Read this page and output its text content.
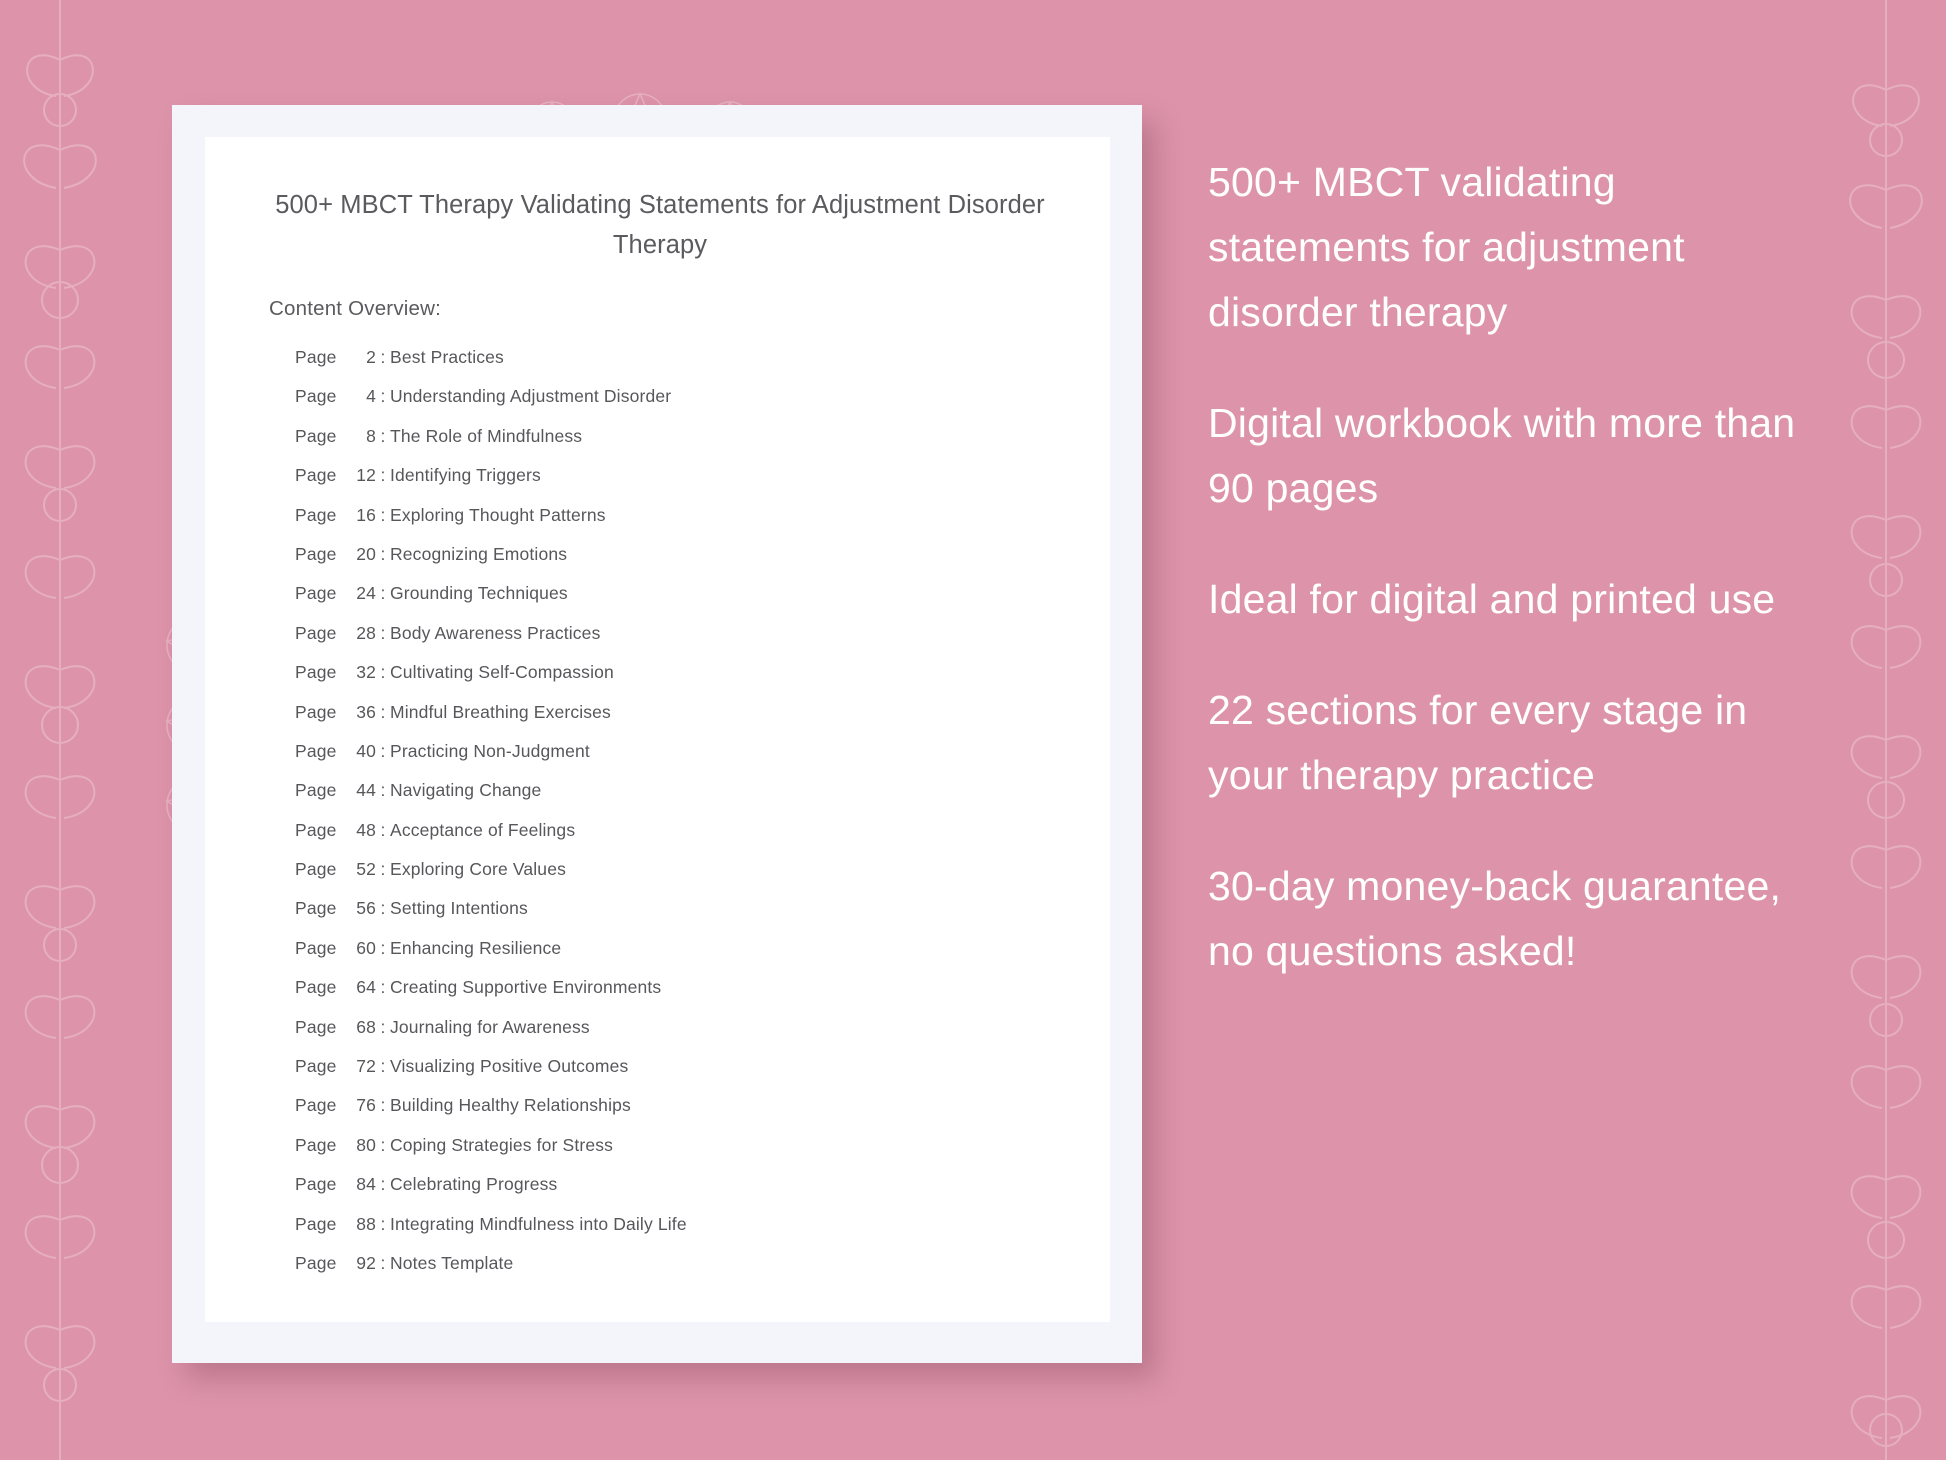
500+ MBCT Therapy Validating Statements for Adjustment Disorder Therapy
Content Overview:
Page	2 : Best Practices
Page	4 : Understanding Adjustment Disorder
Page	8 : The Role of Mindfulness
Page	12 : Identifying Triggers
Page	16 : Exploring Thought Patterns
Page	20 : Recognizing Emotions
Page	24 : Grounding Techniques
Page	28 : Body Awareness Practices
Page	32 : Cultivating Self-Compassion
Page	36 : Mindful Breathing Exercises
Page	40 : Practicing Non-Judgment
Page	44 : Navigating Change
Page	48 : Acceptance of Feelings
Page	52 : Exploring Core Values
Page	56 : Setting Intentions
Page	60 : Enhancing Resilience
Page	64 : Creating Supportive Environments
Page	68 : Journaling for Awareness
Page	72 : Visualizing Positive Outcomes
Page	76 : Building Healthy Relationships
Page	80 : Coping Strategies for Stress
Page	84 : Celebrating Progress
Page	88 : Integrating Mindfulness into Daily Life
Page	92 : Notes Template

500+ MBCT validating statements for adjustment disorder therapy

Digital workbook with more than 90 pages

Ideal for digital and printed use

22 sections for every stage in your therapy practice

30-day money-back guarantee, no questions asked!
